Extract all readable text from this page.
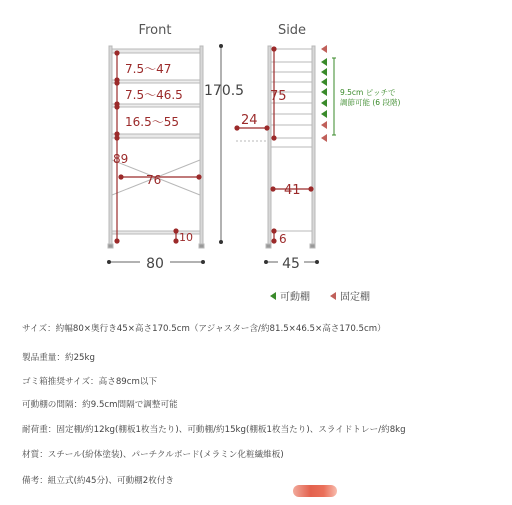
Front
7.5～47
7.5～46.5
16.5～55
89
76
10
170.5
80
Side
75
24
41
6
9.5cm ピッチで
調節可能 (6 段階)
45
可動棚	固定棚
サイズ：約幅80×奥行き45×高さ170.5cm（アジャスター含/約81.5×46.5×高さ170.5cm）
製品重量：約25kg
ゴミ箱推奨サイズ：高さ89cm以下
可動棚の間隔：約9.5cm間隔で調整可能
耐荷重：固定棚/約12kg(棚板1枚当たり)、可動棚/約15kg(棚板1枚当たり)、スライドトレー/約8kg
材質：スチール(紛体塗装)、パーチクルボード(メラミン化粧繊維板)
備考：組立式(約45分)、可動棚2枚付き
